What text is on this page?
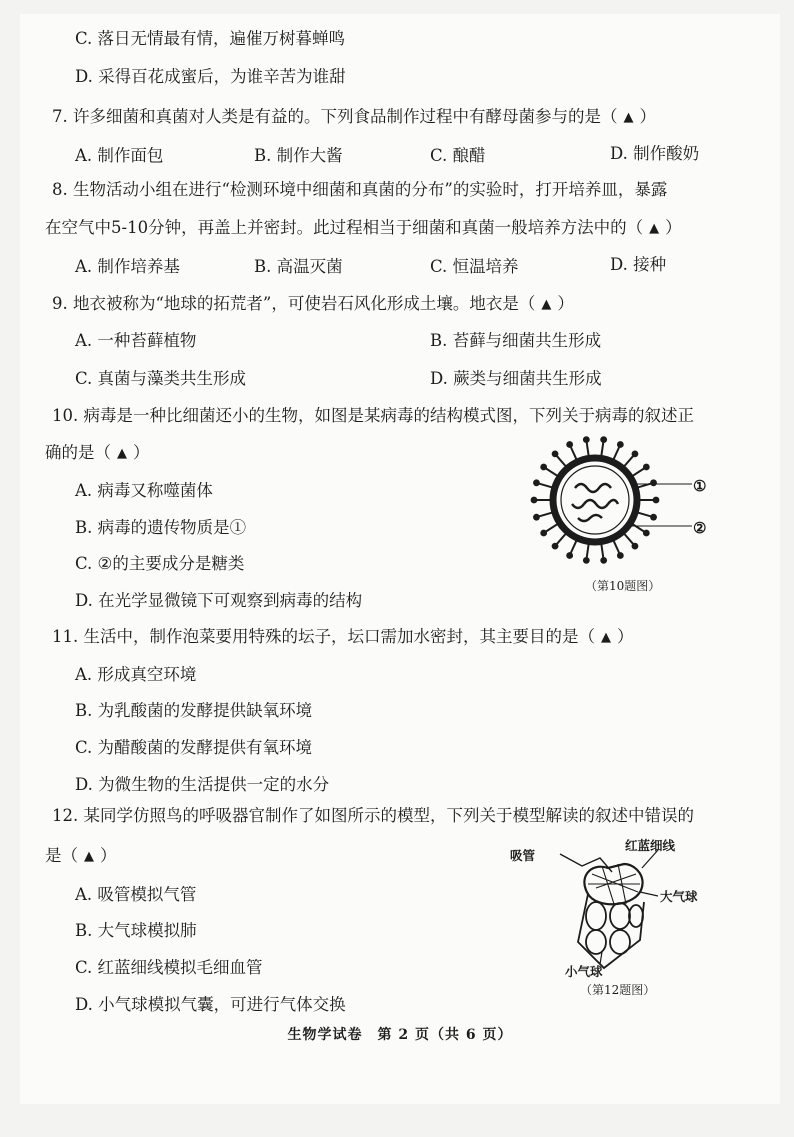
C. 落日无情最有情，遍催万树暮蝉鸣
D. 采得百花成蜜后，为谁辛苦为谁甜
7. 许多细菌和真菌对人类是有益的。下列食品制作过程中有酵母菌参与的是（ ▲ ）
A. 制作面包	B. 制作大酱	C. 酿醋	D. 制作酸奶
8. 生物活动小组在进行“检测环境中细菌和真菌的分布”的实验时，打开培养皿，暴露
在空气中5-10分钟，再盖上并密封。此过程相当于细菌和真菌一般培养方法中的（ ▲ ）
A. 制作培养基	B. 高温灭菌	C. 恒温培养	D. 接种
9. 地衣被称为“地球的拓荒者”，可使岩石风化形成土壤。地衣是（ ▲ ）
A. 一种苔藓植物	B. 苔藓与细菌共生形成
C. 真菌与藻类共生形成	D. 蕨类与细菌共生形成
10. 病毒是一种比细菌还小的生物，如图是某病毒的结构模式图，下列关于病毒的叙述正
确的是（ ▲ ）
A. 病毒又称噬菌体
B. 病毒的遗传物质是①
C. ②的主要成分是糖类
D. 在光学显微镜下可观察到病毒的结构
①
②
（第10题图）
11. 生活中，制作泡菜要用特殊的坛子，坛口需加水密封，其主要目的是（ ▲ ）
A. 形成真空环境
B. 为乳酸菌的发酵提供缺氧环境
C. 为醋酸菌的发酵提供有氧环境
D. 为微生物的生活提供一定的水分
12. 某同学仿照鸟的呼吸器官制作了如图所示的模型，下列关于模型解读的叙述中错误的
是（ ▲ ）
A. 吸管模拟气管
B. 大气球模拟肺
C. 红蓝细线模拟毛细血管
D. 小气球模拟气囊，可进行气体交换
吸管
红蓝细线
大气球
小气球
（第12题图）
生物学试卷　第 2 页（共 6 页）
